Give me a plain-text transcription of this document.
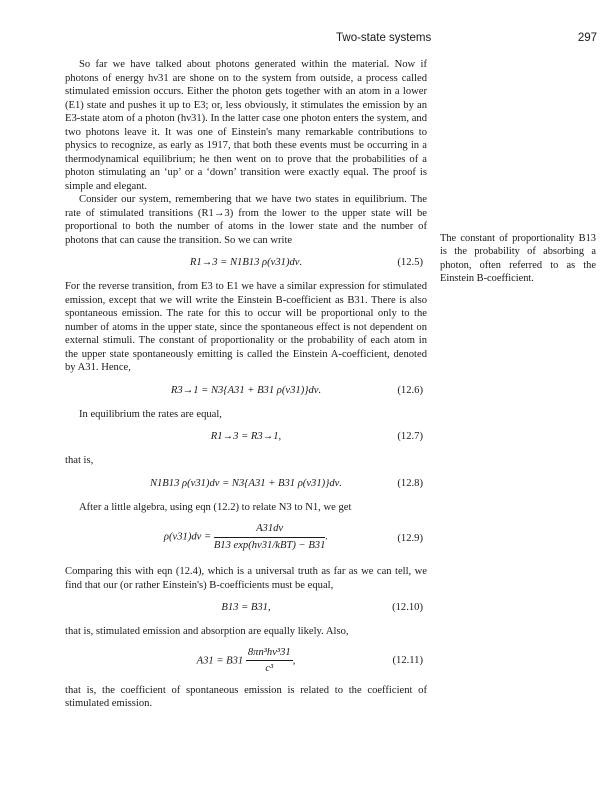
Two-state systems	297

So far we have talked about photons generated within the material. Now if photons of energy hν31 are shone on to the system from outside, a process called stimulated emission occurs. Either the photon gets together with an atom in a lower (E1) state and pushes it up to E3; or, less obviously, it stimulates the emission by an E3-state atom of a photon (hν31). In the latter case one photon enters the system, and two photons leave it. It was one of Einstein's many remarkable contributions to physics to recognize, as early as 1917, that both these events must be occurring in a thermodynamical equilibrium; he then went on to prove that the probabilities of a photon stimulating an ‘up’ or a ‘down’ transition were exactly equal. The proof is simple and elegant.

Consider our system, remembering that we have two states in equilibrium. The rate of stimulated transitions (R1→3) from the lower to the upper state will be proportional to both the number of atoms in the lower state and the number of photons that can cause the transition. So we can write

R1→3 = N1B13 ρ(ν31)dν.	(12.5)

For the reverse transition, from E3 to E1 we have a similar expression for stimulated emission, except that we will write the Einstein B-coefficient as B31. There is also spontaneous emission. The rate for this to occur will be proportional only to the number of atoms in the upper state, since the spontaneous effect is not dependent on external stimuli. The constant of proportionality or the probability of each atom in the upper state spontaneously emitting is called the Einstein A-coefficient, denoted by A31. Hence,

R3→1 = N3{A31 + B31 ρ(ν31)}dν.	(12.6)

In equilibrium the rates are equal,

R1→3 = R3→1,	(12.7)

that is,

N1B13 ρ(ν31)dν = N3{A31 + B31 ρ(ν31)}dν.	(12.8)

After a little algebra, using eqn (12.2) to relate N3 to N1, we get

$\rho(\nu 31)d\nu = \frac{A31d\nu}{\text{B13 exp(hν31/kBT) − B31}}$ .	(12.9)

Comparing this with eqn (12.4), which is a universal truth as far as we can tell, we find that our (or rather Einstein's) B-coefficients must be equal,

B13 = B31,	(12.10)

that is, stimulated emission and absorption are equally likely. Also,

$A31 = B31 \frac{\text{8πn³hν³31}}{\text{c³}}$ ,	(12.11)

that is, the coefficient of spontaneous emission is related to the coefficient of stimulated emission.

The constant of proportionality B13 is the probability of absorbing a photon, often referred to as the Einstein B-coefficient.
